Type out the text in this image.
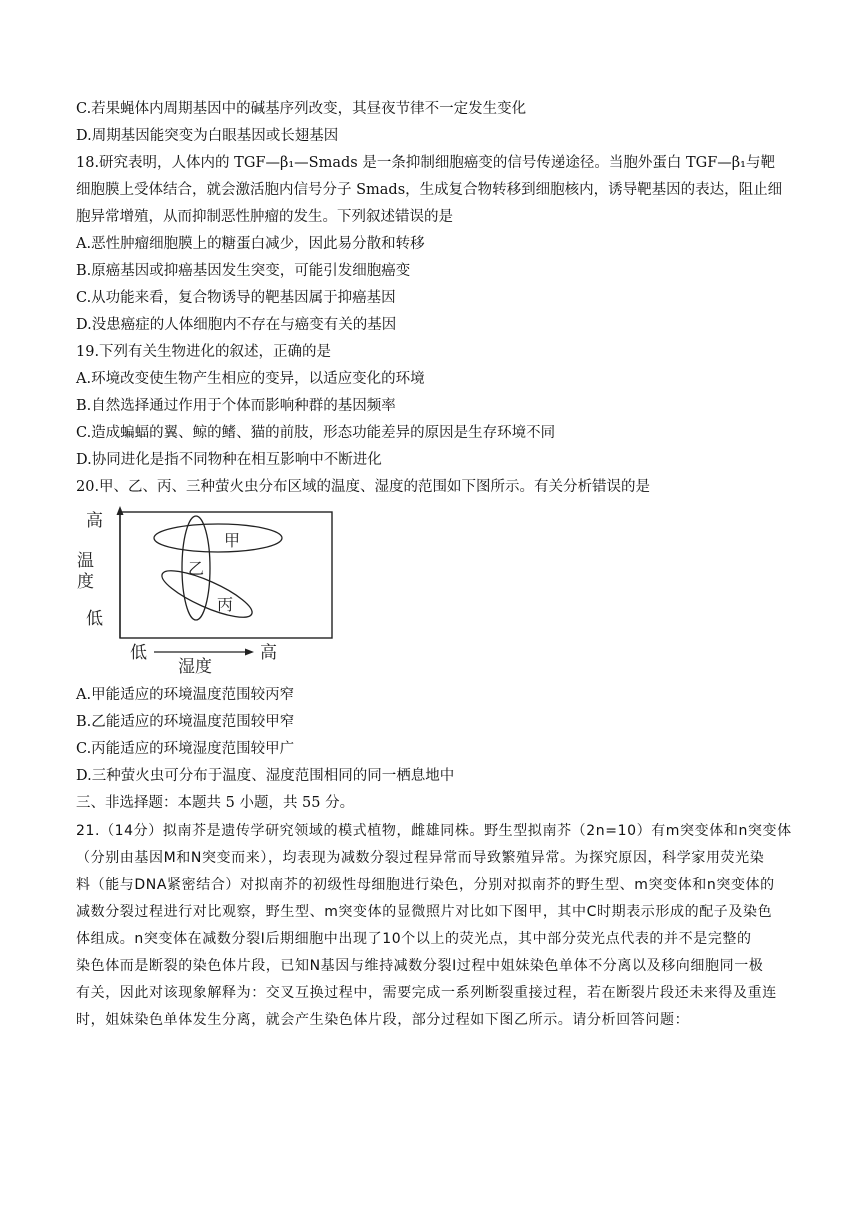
C.若果蝇体内周期基因中的碱基序列改变，其昼夜节律不一定发生变化
D.周期基因能突变为白眼基因或长翅基因
18.研究表明，人体内的 TGF—β₁—Smads 是一条抑制细胞癌变的信号传递途径。当胞外蛋白 TGF—β₁与靶
细胞膜上受体结合，就会激活胞内信号分子 Smads，生成复合物转移到细胞核内，诱导靶基因的表达，阻止细
胞异常增殖，从而抑制恶性肿瘤的发生。下列叙述错误的是
A.恶性肿瘤细胞膜上的糖蛋白减少，因此易分散和转移
B.原癌基因或抑癌基因发生突变，可能引发细胞癌变
C.从功能来看，复合物诱导的靶基因属于抑癌基因
D.没患癌症的人体细胞内不存在与癌变有关的基因
19.下列有关生物进化的叙述，正确的是
A.环境改变使生物产生相应的变异，以适应变化的环境
B.自然选择通过作用于个体而影响种群的基因频率
C.造成蝙蝠的翼、鲸的鳍、猫的前肢，形态功能差异的原因是生存环境不同
D.协同进化是指不同物种在相互影响中不断进化
20.甲、乙、丙、三种萤火虫分布区域的温度、湿度的范围如下图所示。有关分析错误的是
高
温
度
低
低
湿度
高
甲
乙
丙
A.甲能适应的环境温度范围较丙窄
B.乙能适应的环境温度范围较甲窄
C.丙能适应的环境湿度范围较甲广
D.三种萤火虫可分布于温度、湿度范围相同的同一栖息地中
三、非选择题：本题共 5 小题，共 55 分。
21.（14分）拟南芥是遗传学研究领域的模式植物，雌雄同株。野生型拟南芥（2n=10）有m突变体和n突变体
（分别由基因M和N突变而来），均表现为减数分裂过程异常而导致繁殖异常。为探究原因，科学家用荧光染
料（能与DNA紧密结合）对拟南芥的初级性母细胞进行染色，分别对拟南芥的野生型、m突变体和n突变体的
减数分裂过程进行对比观察，野生型、m突变体的显微照片对比如下图甲，其中C时期表示形成的配子及染色
体组成。n突变体在减数分裂Ⅰ后期细胞中出现了10个以上的荧光点，其中部分荧光点代表的并不是完整的
染色体而是断裂的染色体片段，已知N基因与维持减数分裂Ⅰ过程中姐妹染色单体不分离以及移向细胞同一极
有关，因此对该现象解释为：交叉互换过程中，需要完成一系列断裂重接过程，若在断裂片段还未来得及重连
时，姐妹染色单体发生分离，就会产生染色体片段，部分过程如下图乙所示。请分析回答问题：
